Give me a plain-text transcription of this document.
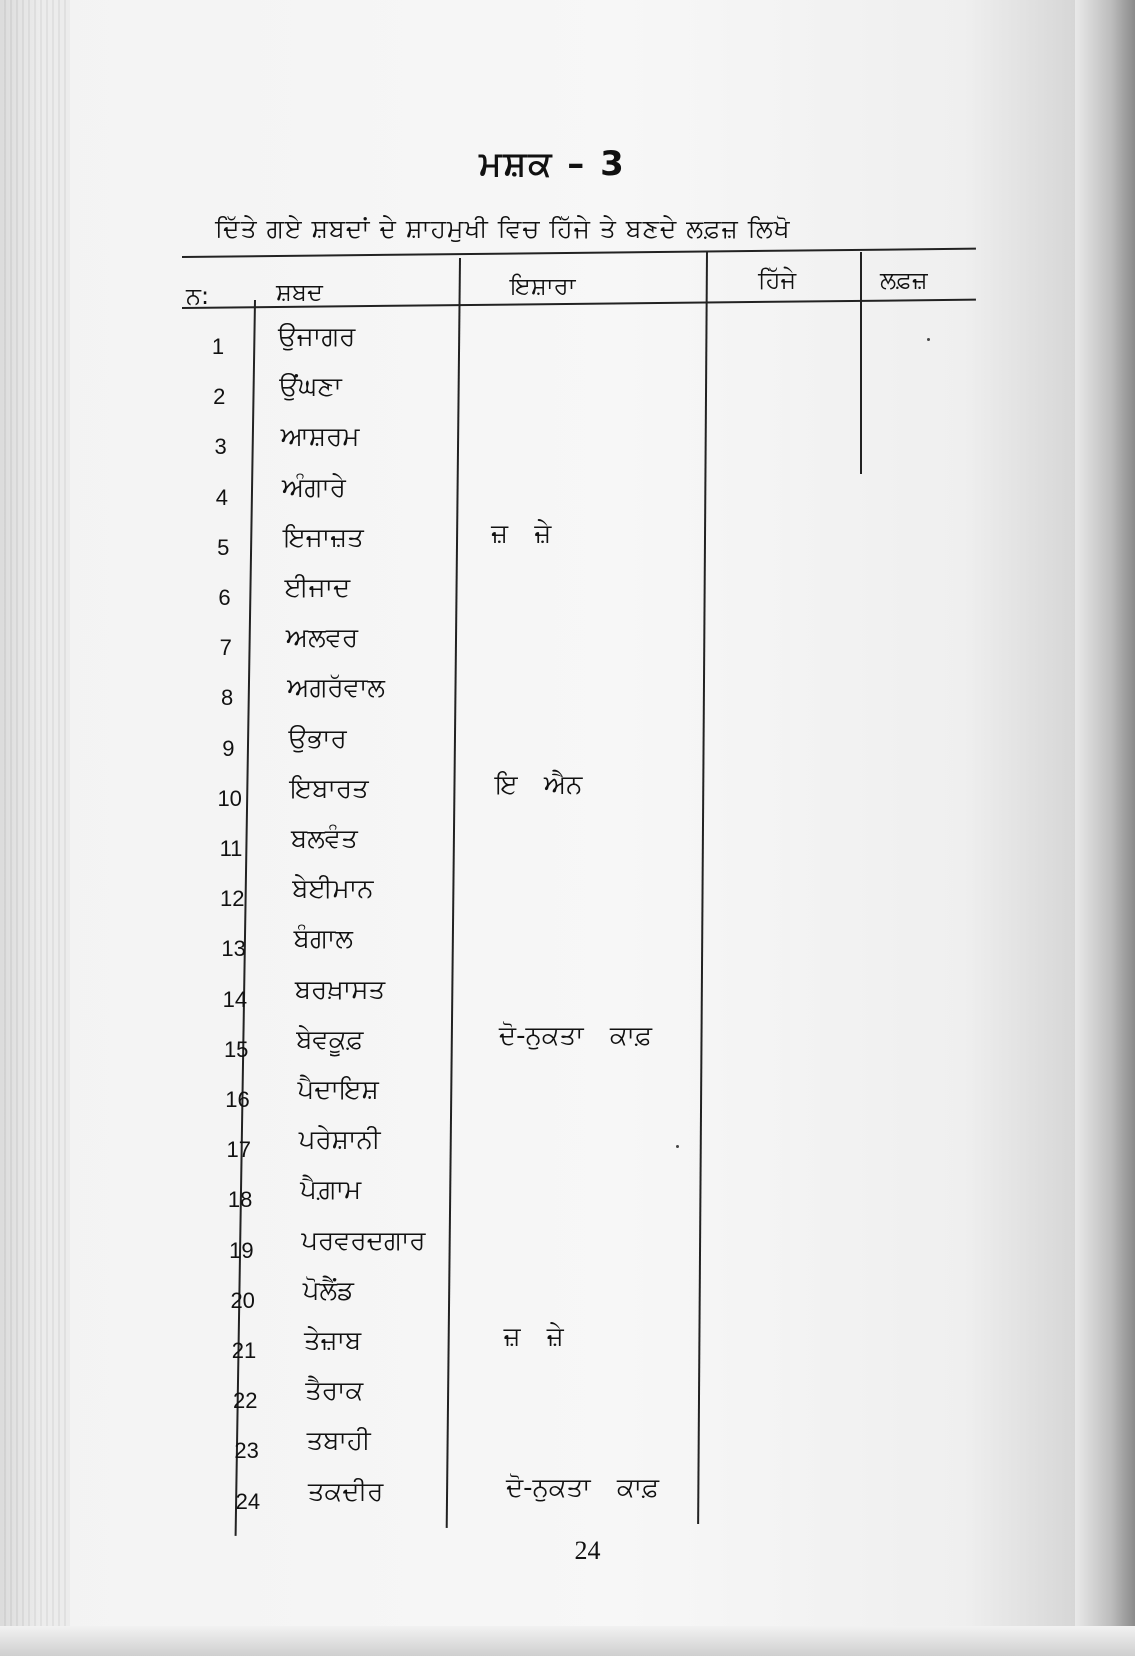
ਮਸ਼ਕ – 3
ਦਿੱਤੇ ਗਏ ਸ਼ਬਦਾਂ ਦੇ ਸ਼ਾਹਮੁਖੀ ਵਿਚ ਹਿੱਜੇ ਤੇ ਬਣਦੇ ਲਫ਼ਜ਼ ਲਿਖੋ
ਨ:	ਸ਼ਬਦ	ਇਸ਼ਾਰਾ	ਹਿੱਜੇ	ਲਫ਼ਜ਼
1	ਉਜਾਗਰ
2	ਉਂਘਣਾ
3	ਆਸ਼ਰਮ
4	ਅੰਗਾਰੇ
5	ਇਜਾਜ਼ਤ	ਜ਼ ਜ਼ੇ
6	ਈਜਾਦ
7	ਅਲਵਰ
8	ਅਗਰੱਵਾਲ
9	ਉਭਾਰ
10	ਇਬਾਰਤ	ਇ ਐਨ
11	ਬਲਵੰਤ
12	ਬੇਈਮਾਨ
13	ਬੰਗਾਲ
14	ਬਰਖ਼ਾਸਤ
15	ਬੇਵਕੂਫ਼	ਦੋ-ਨੁਕਤਾ ਕਾਫ਼
16	ਪੈਦਾਇਸ਼
17	ਪਰੇਸ਼ਾਨੀ
18	ਪੈਗ਼ਾਮ
19	ਪਰਵਰਦਗਾਰ
20	ਪੋਲੈਂਡ
21	ਤੇਜ਼ਾਬ	ਜ਼ ਜ਼ੇ
22	ਤੈਰਾਕ
23	ਤਬਾਹੀ
24	ਤਕਦੀਰ	ਦੋ-ਨੁਕਤਾ ਕਾਫ਼
24
